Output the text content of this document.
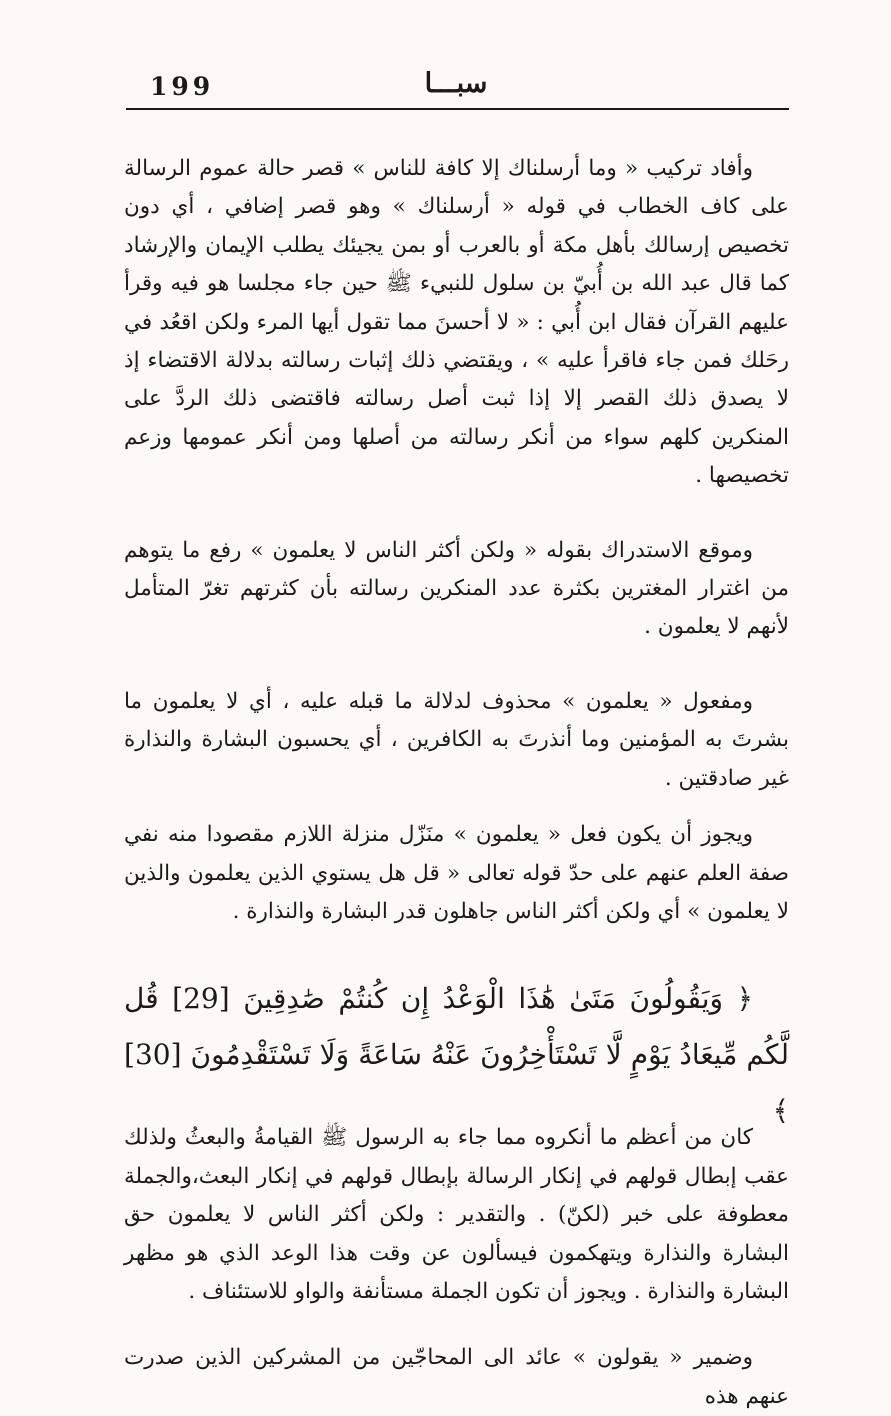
199	سبـــا

وأفاد تركيب « وما أرسلناك إلا كافة للناس » قصر حالة عموم الرسالة على كاف الخطاب في قوله « أرسلناك » وهو قصر إضافي ، أي دون تخصيص إرسالك بأهل مكة أو بالعرب أو بمن يجيئك يطلب الإيمان والإرشاد كما قال عبد الله بن أُبيّ بن سلول للنبيء ﷺ حين جاء مجلسا هو فيه وقرأ عليهم القرآن فقال ابن أُبي : « لا أحسنَ مما تقول أيها المرء ولكن اقعُد في رحَلك فمن جاء فاقرأ عليه » ، ويقتضي ذلك إثبات رسالته بدلالة الاقتضاء إذ لا يصدق ذلك القصر إلا إذا ثبت أصل رسالته فاقتضى ذلك الردَّ على المنكرين كلهم سواء من أنكر رسالته من أصلها ومن أنكر عمومها وزعم تخصيصها .

وموقع الاستدراك بقوله « ولكن أكثر الناس لا يعلمون » رفع ما يتوهم من اغترار المغترين بكثرة عدد المنكرين رسالته بأن كثرتهم تغرّ المتأمل لأنهم لا يعلمون .

ومفعول « يعلمون » محذوف لدلالة ما قبله عليه ، أي لا يعلمون ما بشرتَ به المؤمنين وما أنذرتَ به الكافرين ، أي يحسبون البشارة والنذارة غير صادقتين .

ويجوز أن يكون فعل « يعلمون » منَزّل منزلة اللازم مقصودا منه نفي صفة العلم عنهم على حدّ قوله تعالى « قل هل يستوي الذين يعلمون والذين لا يعلمون » أي ولكن أكثر الناس جاهلون قدر البشارة والنذارة .

﴿ وَيَقُولُونَ مَتَىٰ هَٰذَا الْوَعْدُ إِن كُنتُمْ صَٰدِقِينَ [29] قُل لَّكُم مِّيعَادُ يَوْمٍ لَّا تَسْتَأْخِرُونَ عَنْهُ سَاعَةً وَلَا تَسْتَقْدِمُونَ [30] ﴾

كان من أعظم ما أنكروه مما جاء به الرسول ﷺ القيامةُ والبعثُ ولذلك عقب إبطال قولهم في إنكار الرسالة بإبطال قولهم في إنكار البعث،والجملة معطوفة على خبر (لكنّ) . والتقدير : ولكن أكثر الناس لا يعلمون حق البشارة والنذارة ويتهكمون فيسألون عن وقت هذا الوعد الذي هو مظهر البشارة والنذارة . ويجوز أن تكون الجملة مستأنفة والواو للاستئناف .

وضمير « يقولون » عائد الى المحاجّين من المشركين الذين صدرت عنهم هذه
